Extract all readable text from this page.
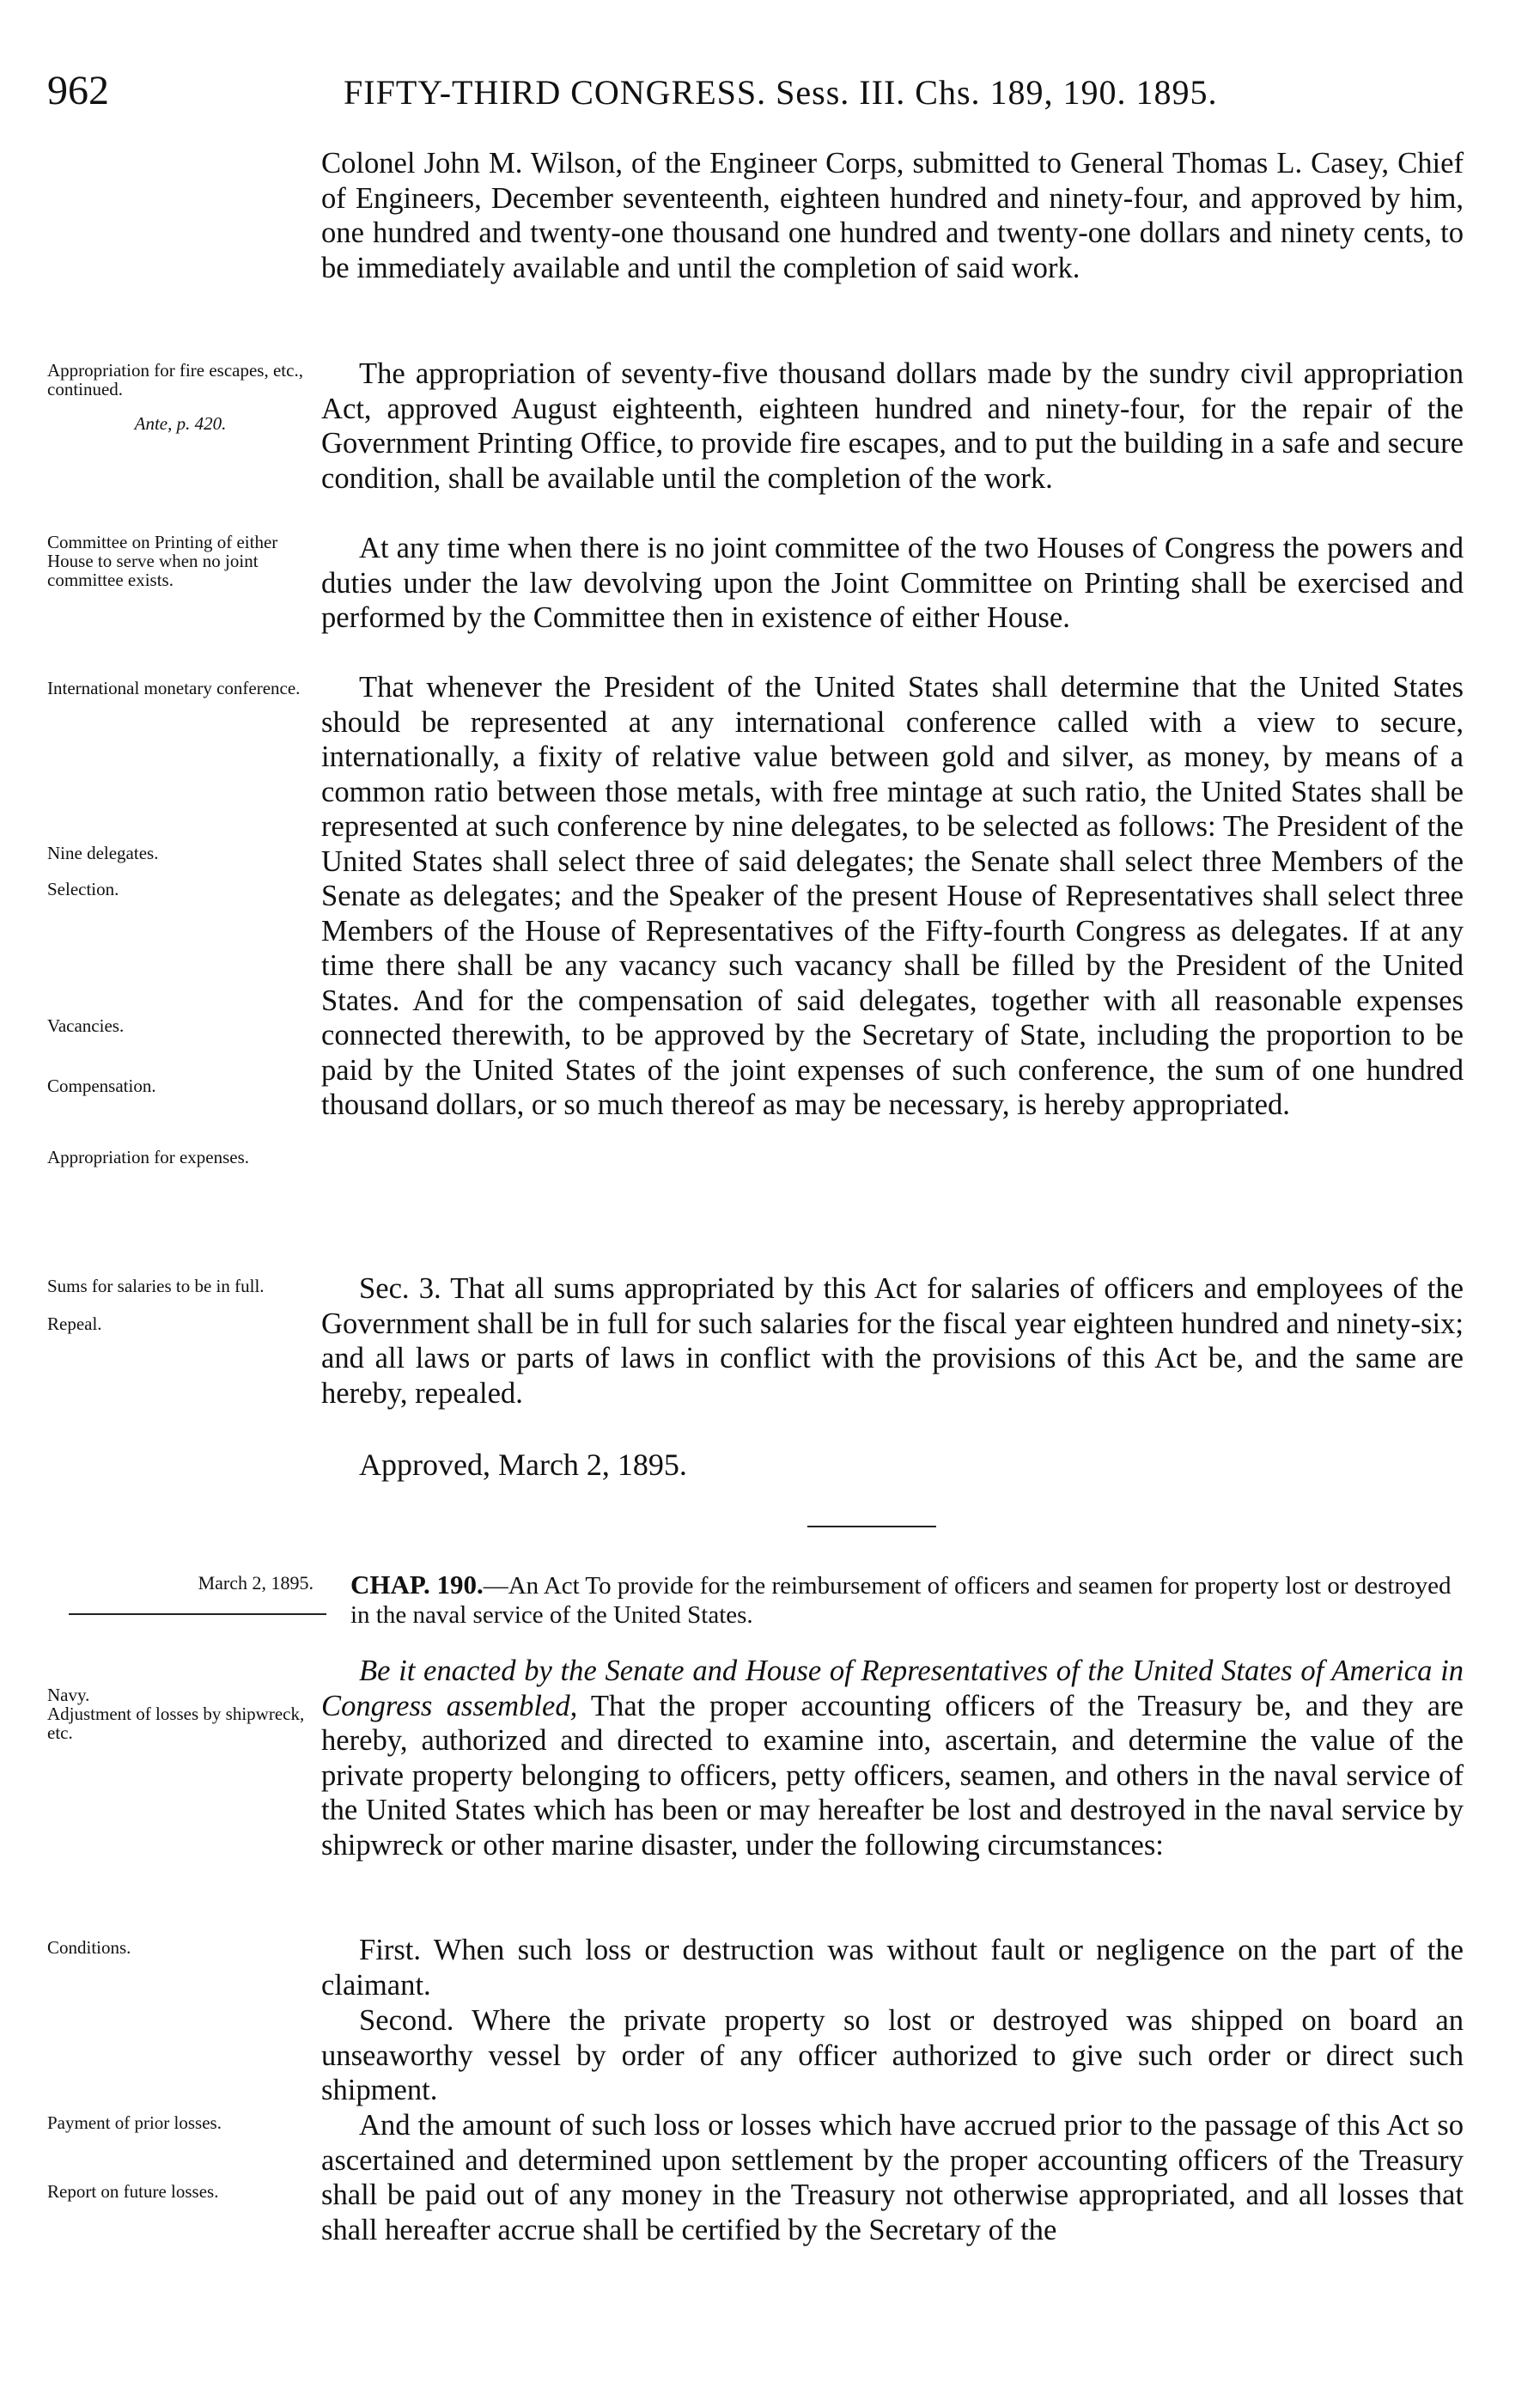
962	FIFTY-THIRD CONGRESS. Sess. III. Chs. 189, 190. 1895.

Colonel John M. Wilson, of the Engineer Corps, submitted to General Thomas L. Casey, Chief of Engineers, December seventeenth, eighteen hundred and ninety-four, and approved by him, one hundred and twenty-one thousand one hundred and twenty-one dollars and ninety cents, to be immediately available and until the completion of said work.

The appropriation of seventy-five thousand dollars made by the sundry civil appropriation Act, approved August eighteenth, eighteen hundred and ninety-four, for the repair of the Government Printing Office, to provide fire escapes, and to put the building in a safe and secure condition, shall be available until the completion of the work.

At any time when there is no joint committee of the two Houses of Congress the powers and duties under the law devolving upon the Joint Committee on Printing shall be exercised and performed by the Committee then in existence of either House.

That whenever the President of the United States shall determine that the United States should be represented at any international conference called with a view to secure, internationally, a fixity of relative value between gold and silver, as money, by means of a common ratio between those metals, with free mintage at such ratio, the United States shall be represented at such conference by nine delegates, to be selected as follows: The President of the United States shall select three of said delegates; the Senate shall select three Members of the Senate as delegates; and the Speaker of the present House of Representatives shall select three Members of the House of Representatives of the Fifty-fourth Congress as delegates. If at any time there shall be any vacancy such vacancy shall be filled by the President of the United States. And for the compensation of said delegates, together with all reasonable expenses connected therewith, to be approved by the Secretary of State, including the proportion to be paid by the United States of the joint expenses of such conference, the sum of one hundred thousand dollars, or so much thereof as may be necessary, is hereby appropriated.

Sec. 3. That all sums appropriated by this Act for salaries of officers and employees of the Government shall be in full for such salaries for the fiscal year eighteen hundred and ninety-six; and all laws or parts of laws in conflict with the provisions of this Act be, and the same are hereby, repealed.

Approved, March 2, 1895.
March 2, 1895. CHAP. 190.—An Act To provide for the reimbursement of officers and seamen for property lost or destroyed in the naval service of the United States.

Be it enacted by the Senate and House of Representatives of the United States of America in Congress assembled, That the proper accounting officers of the Treasury be, and they are hereby, authorized and directed to examine into, ascertain, and determine the value of the private property belonging to officers, petty officers, seamen, and others in the naval service of the United States which has been or may hereafter be lost and destroyed in the naval service by shipwreck or other marine disaster, under the following circumstances:

First. When such loss or destruction was without fault or negligence on the part of the claimant.

Second. Where the private property so lost or destroyed was shipped on board an unseaworthy vessel by order of any officer authorized to give such order or direct such shipment.

And the amount of such loss or losses which have accrued prior to the passage of this Act so ascertained and determined upon settlement by the proper accounting officers of the Treasury shall be paid out of any money in the Treasury not otherwise appropriated, and all losses that shall hereafter accrue shall be certified by the Secretary of the

Appropriation for fire escapes, etc., continued.
Ante, p. 420.
Committee on Printing of either House to serve when no joint committee exists.
International monetary conference.
Nine delegates.
Selection.
Vacancies.
Compensation.
Appropriation for expenses.
Sums for salaries to be in full.
Repeal.
Navy.
Adjustment of losses by shipwreck, etc.
Conditions.
Payment of prior losses.
Report on future losses.
